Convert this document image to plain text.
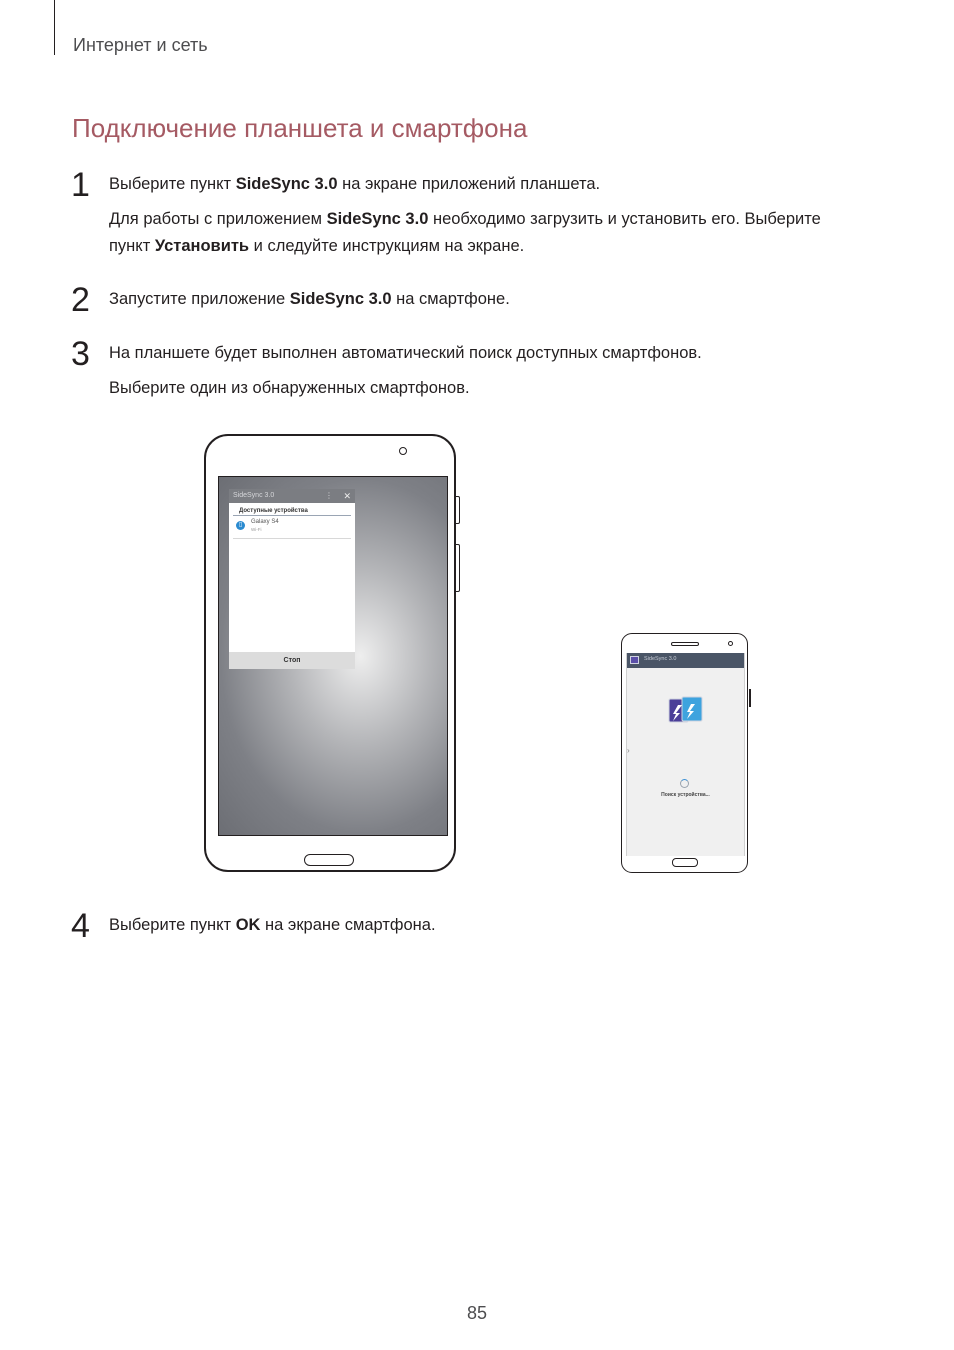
Интернет и сеть
Подключение планшета и смартфона
1 Выберите пункт SideSync 3.0 на экране приложений планшета.
Для работы с приложением SideSync 3.0 необходимо загрузить и установить его. Выберите
пункт Установить и следуйте инструкциям на экране.
2 Запустите приложение SideSync 3.0 на смартфоне.
3 На планшете будет выполнен автоматический поиск доступных смартфонов.
Выберите один из обнаруженных смартфонов.
SideSync 3.0	⋮ ✕
Доступные устройства
▯	Galaxy S4
Wi-Fi
Стоп	SideSync 3.0
›
Поиск устройства...
4 Выберите пункт OK на экране смартфона.
85
